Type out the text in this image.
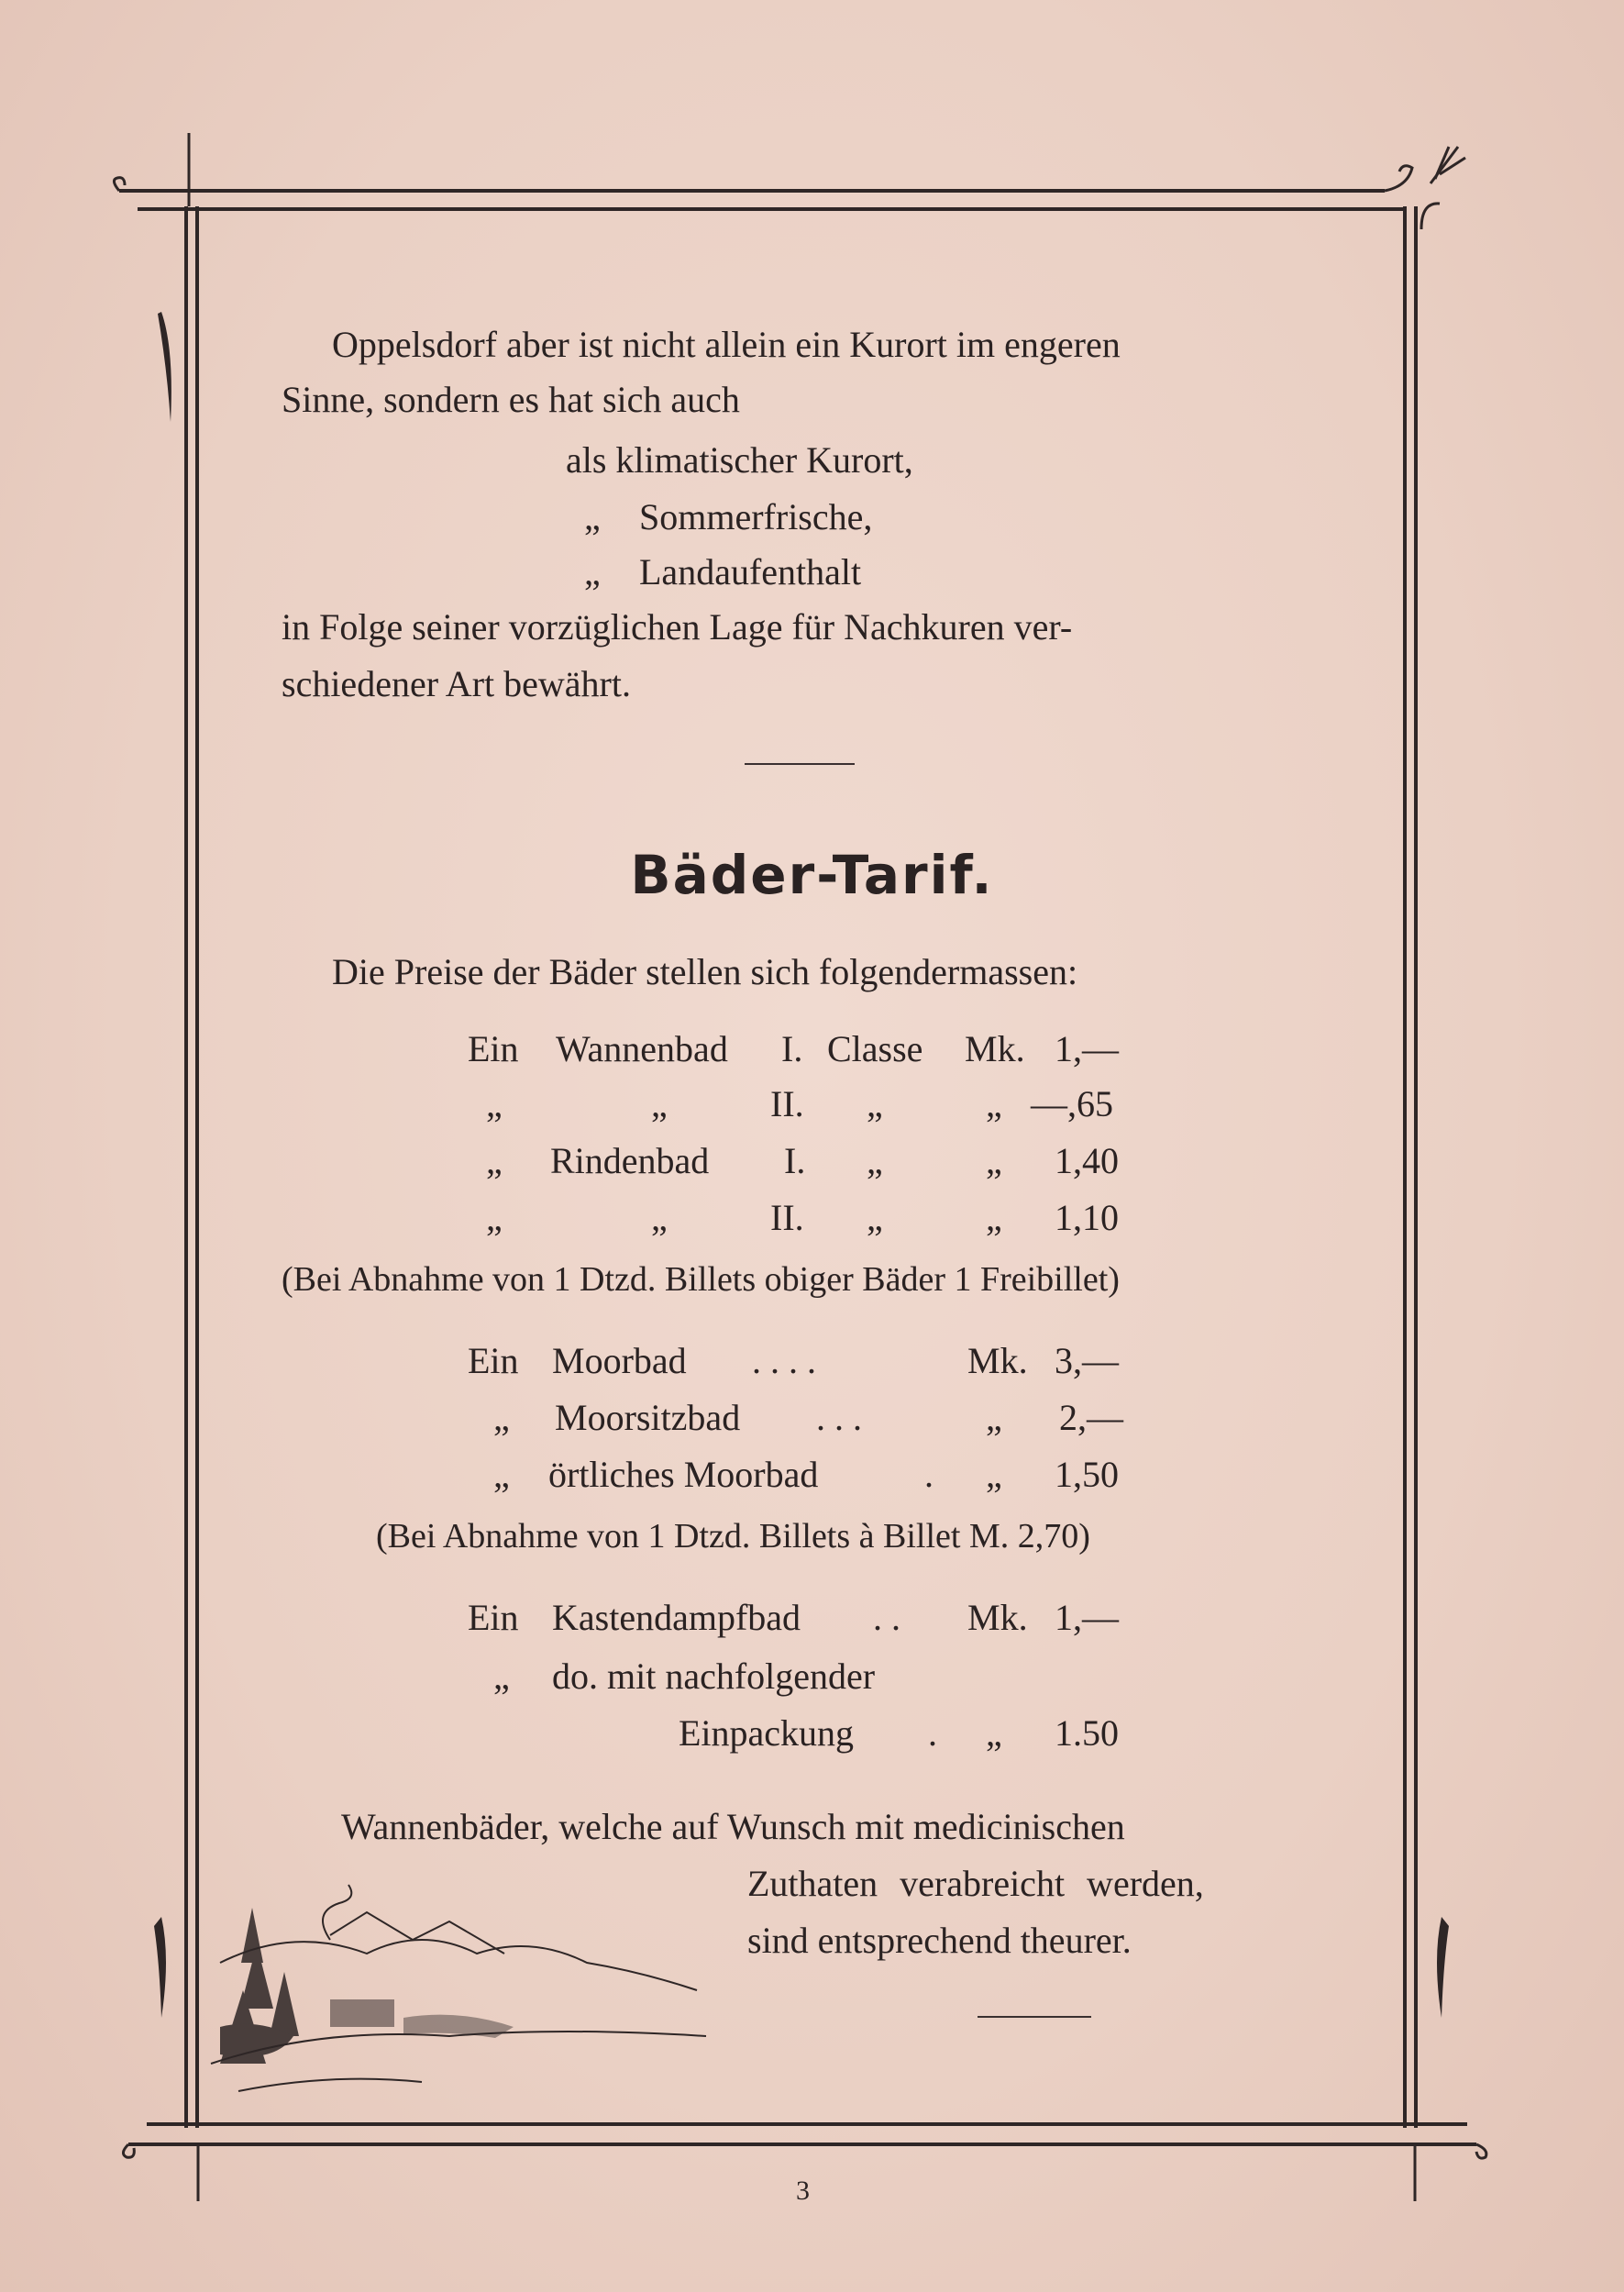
Oppelsdorf aber ist nicht allein ein Kurort im engeren
Sinne, sondern es hat sich auch
als klimatischer Kurort,
„ Sommerfrische,
„ Landaufenthalt
in Folge seiner vorzüglichen Lage für Nachkuren ver-
schiedener Art bewährt.
Bäder-Tarif.
Die Preise der Bäder stellen sich folgendermassen:
Ein Wannenbad I. Classe Mk. 1,—
„	„	II. „	„ —,65
„ Rindenbad I. „	„ 1,40
„	„	II. „	„ 1,10
(Bei Abnahme von 1 Dtzd. Billets obiger Bäder 1 Freibillet)
Ein Moorbad . . . .	Mk. 3,—
„ Moorsitzbad . . .	„ 2,—
„ örtliches Moorbad	. „ 1,50
(Bei Abnahme von 1 Dtzd. Billets à Billet M. 2,70)
Ein Kastendampfbad . . Mk. 1,—
„ do. mit nachfolgender
Einpackung . „ 1.50
Wannenbäder, welche auf Wunsch mit medicinischen
Zuthaten verabreicht werden,
sind entsprechend theurer.
3
